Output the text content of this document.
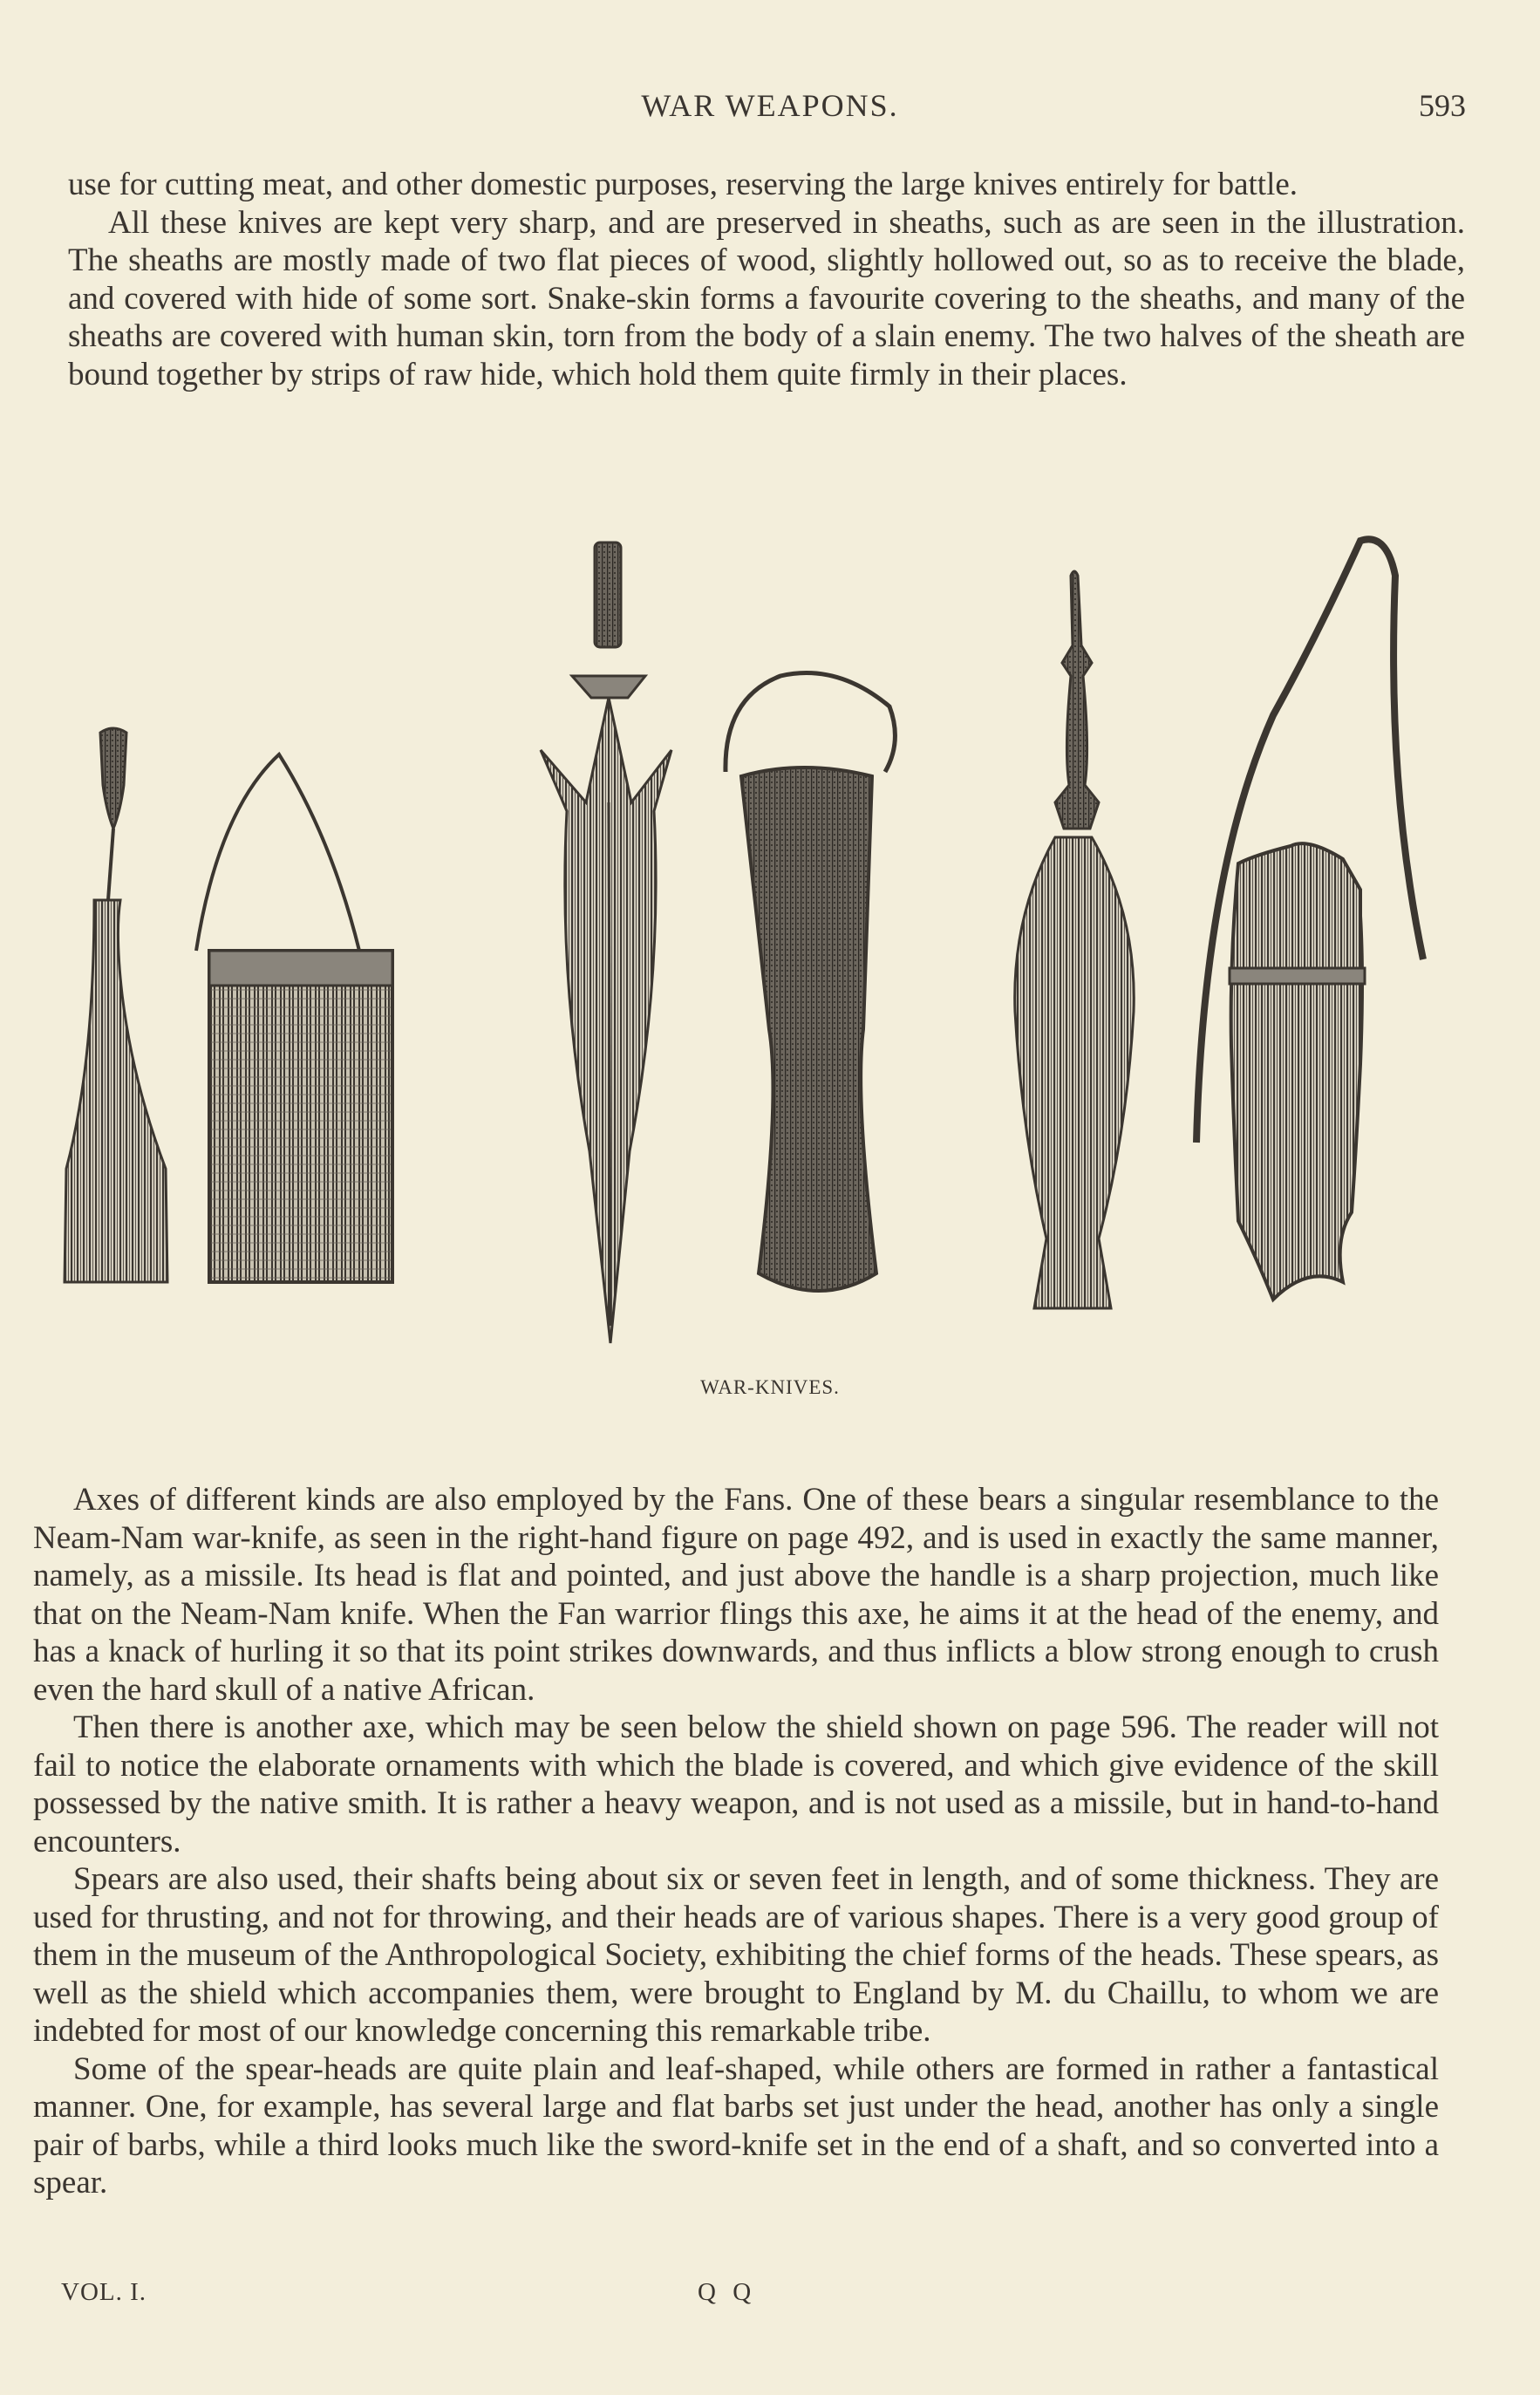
WAR WEAPONS.	593

use for cutting meat, and other domestic purposes, reserving the large knives entirely for battle.

All these knives are kept very sharp, and are preserved in sheaths, such as are seen in the illustration. The sheaths are mostly made of two flat pieces of wood, slightly hollowed out, so as to receive the blade, and covered with hide of some sort. Snake-skin forms a favourite covering to the sheaths, and many of the sheaths are covered with human skin, torn from the body of a slain enemy. The two halves of the sheath are bound together by strips of raw hide, which hold them quite firmly in their places.

WAR-KNIVES.

Axes of different kinds are also employed by the Fans. One of these bears a singular resemblance to the Neam-Nam war-knife, as seen in the right-hand figure on page 492, and is used in exactly the same manner, namely, as a missile. Its head is flat and pointed, and just above the handle is a sharp projection, much like that on the Neam-Nam knife. When the Fan warrior flings this axe, he aims it at the head of the enemy, and has a knack of hurling it so that its point strikes downwards, and thus inflicts a blow strong enough to crush even the hard skull of a native African.

Then there is another axe, which may be seen below the shield shown on page 596. The reader will not fail to notice the elaborate ornaments with which the blade is covered, and which give evidence of the skill possessed by the native smith. It is rather a heavy weapon, and is not used as a missile, but in hand-to-hand encounters.

Spears are also used, their shafts being about six or seven feet in length, and of some thickness. They are used for thrusting, and not for throwing, and their heads are of various shapes. There is a very good group of them in the museum of the Anthropological Society, exhibiting the chief forms of the heads. These spears, as well as the shield which accompanies them, were brought to England by M. du Chaillu, to whom we are indebted for most of our knowledge concerning this remarkable tribe.

Some of the spear-heads are quite plain and leaf-shaped, while others are formed in rather a fantastical manner. One, for example, has several large and flat barbs set just under the head, another has only a single pair of barbs, while a third looks much like the sword-knife set in the end of a shaft, and so converted into a spear.

VOL. I.	Q Q
